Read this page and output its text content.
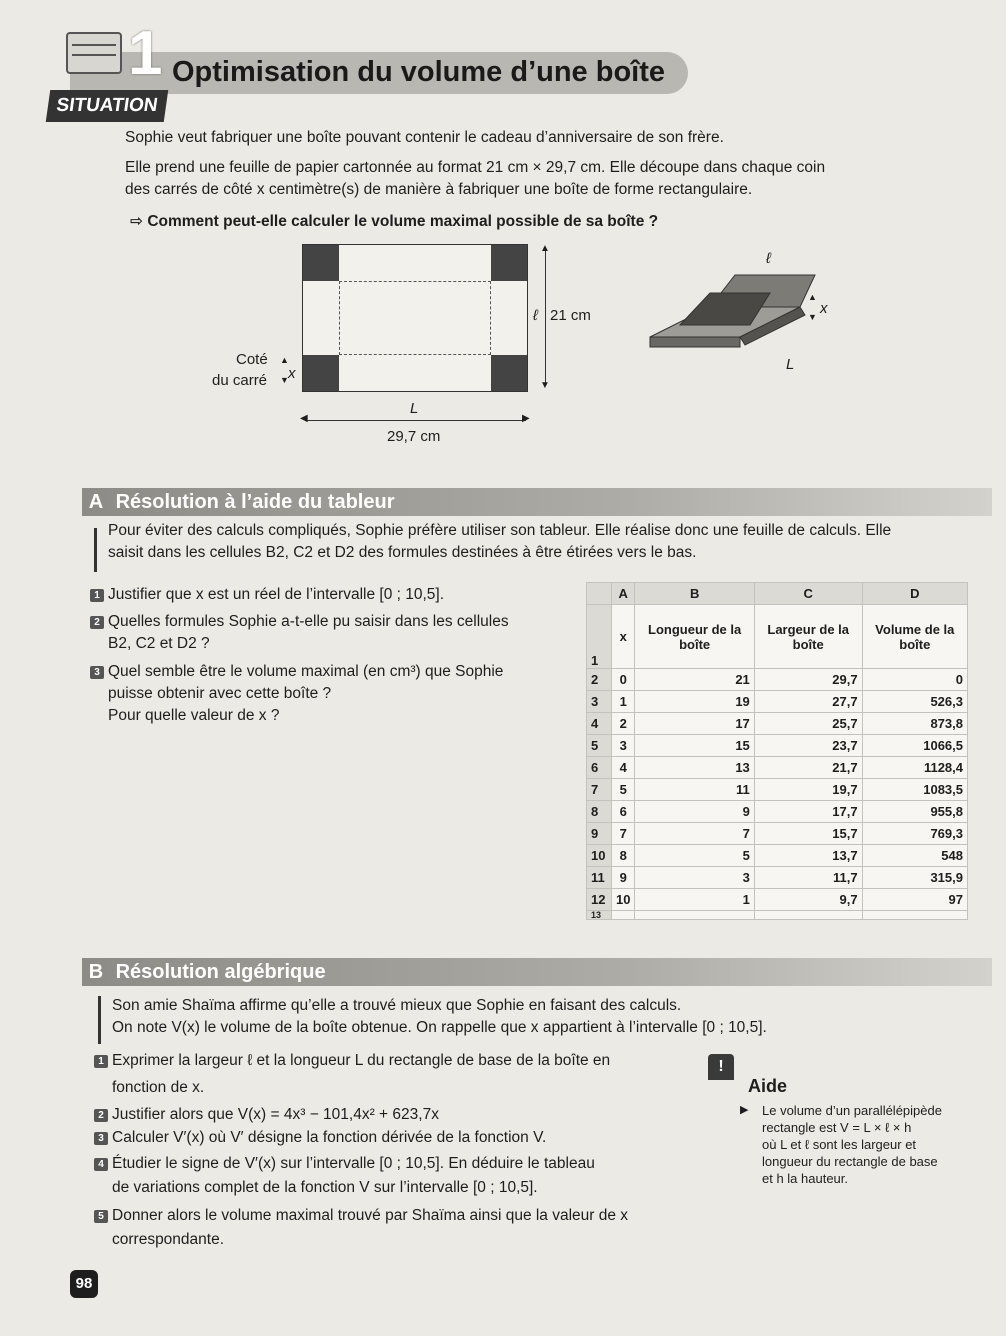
1 Optimisation du volume d’une boîte
SITUATION
Sophie veut fabriquer une boîte pouvant contenir le cadeau d’anniversaire de son frère.
Elle prend une feuille de papier cartonnée au format 21 cm × 29,7 cm. Elle découpe dans chaque coin
des carrés de côté x centimètre(s) de manière à fabriquer une boîte de forme rectangulaire.
⇨ Comment peut-elle calculer le volume maximal possible de sa boîte ?
▲
▼
ℓ 21 cm
Coté
du carré
▲

▼ x
L
◀	▶
29,7 cm
ℓ
▲

▼ x
L
A Résolution à l’aide du tableur
Pour éviter des calculs compliqués, Sophie préfère utiliser son tableur. Elle réalise donc une feuille de calculs. Elle
saisit dans les cellules B2, C2 et D2 des formules destinées à être étirées vers le bas.
1 Justifier que x est un réel de l’intervalle [0 ; 10,5].
2 Quelles formules Sophie a-t-elle pu saisir dans les cellules
B2, C2 et D2 ?
3 Quel semble être le volume maximal (en cm³) que Sophie
puisse obtenir avec cette boîte ?
Pour quelle valeur de x ?
	A	B	C	D
1	x	Longueur de la boîte	Largeur de la boîte	Volume de la boîte
2	0	21	29,7	0
3	1	19	27,7	526,3
4	2	17	25,7	873,8
5	3	15	23,7	1066,5
6	4	13	21,7	1128,4
7	5	11	19,7	1083,5
8	6	9	17,7	955,8
9	7	7	15,7	769,3
10	8	5	13,7	548
11	9	3	11,7	315,9
12	10	1	9,7	97
13				
B Résolution algébrique
Son amie Shaïma affirme qu’elle a trouvé mieux que Sophie en faisant des calculs.
On note V(x) le volume de la boîte obtenue. On rappelle que x appartient à l’intervalle [0 ; 10,5].
1 Exprimer la largeur ℓ et la longueur L du rectangle de base de la boîte en
fonction de x.
2 Justifier alors que V(x) = 4x³ − 101,4x² + 623,7x
3 Calculer V′(x) où V′ désigne la fonction dérivée de la fonction V.
4 Étudier le signe de V′(x) sur l’intervalle [0 ; 10,5]. En déduire le tableau
de variations complet de la fonction V sur l’intervalle [0 ; 10,5].
5 Donner alors le volume maximal trouvé par Shaïma ainsi que la valeur de x
correspondante.
!
Aide
Le volume d’un parallélépipède
rectangle est V = L × ℓ × h
où L et ℓ sont les largeur et
longueur du rectangle de base
et h la hauteur.
▶
98
